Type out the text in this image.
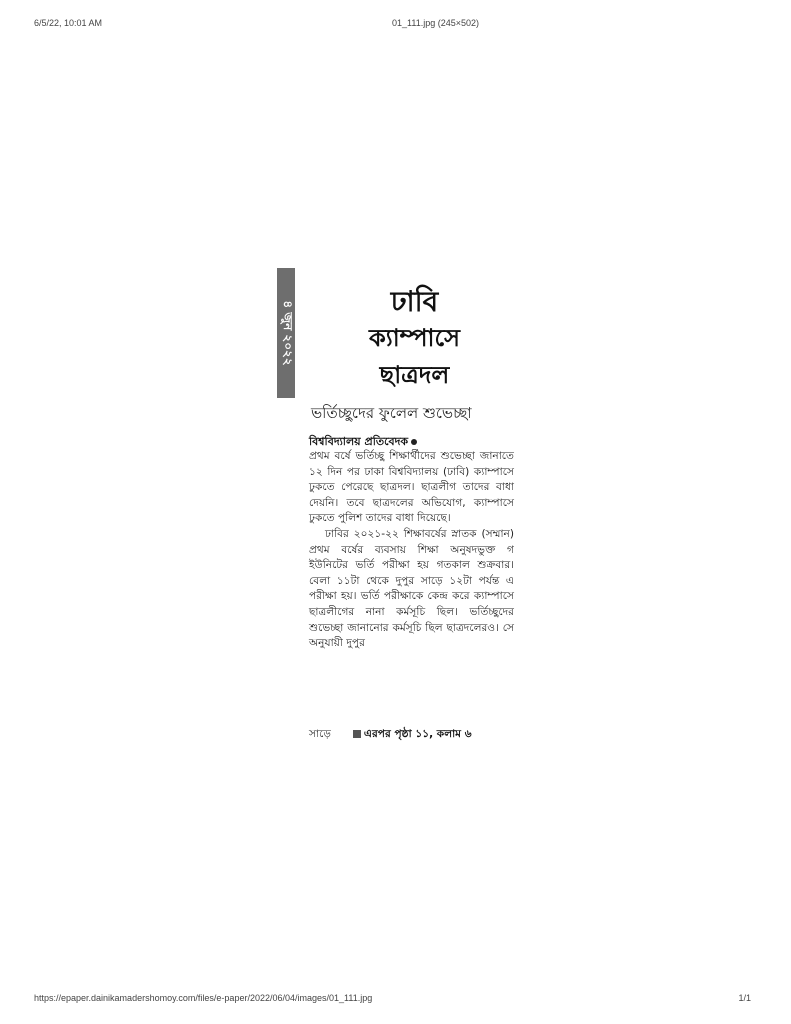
6/5/22, 10:01 AM	01_111.jpg (245×502)
৪ জুন ২০২২	ঢাবি
ক্যাম্পাসে
ছাত্রদল
ভর্তিচ্ছুদের ফুলেল শুভেচ্ছা
বিশ্ববিদ্যালয় প্রতিবেদক

প্রথম বর্ষে ভর্তিচ্ছু শিক্ষার্থীদের শুভেচ্ছা জানাতে ১২ দিন পর ঢাকা বিশ্ববিদ্যালয় (ঢাবি) ক্যাম্পাসে ঢুকতে পেরেছে ছাত্রদল। ছাত্রলীগ তাদের বাধা দেয়নি। তবে ছাত্রদলের অভিযোগ, ক্যাম্পাসে ঢুকতে পুলিশ তাদের বাধা দিয়েছে।

ঢাবির ২০২১-২২ শিক্ষাবর্ষের স্নাতক (সম্মান) প্রথম বর্ষের ব্যবসায় শিক্ষা অনুষদভুক্ত গ ইউনিটের ভর্তি পরীক্ষা হয় গতকাল শুক্রবার। বেলা ১১টা থেকে দুপুর সাড়ে ১২টা পর্যন্ত এ পরীক্ষা হয়। ভর্তি পরীক্ষাকে কেন্দ্র করে ক্যাম্পাসে ছাত্রলীগের নানা কর্মসূচি ছিল। ভর্তিচ্ছুদের শুভেচ্ছা জানানোর কর্মসূচি ছিল ছাত্রদলেরও। সে অনুযায়ী দুপুর

সাড়ে	এরপর পৃষ্ঠা ১১, কলাম ৬
https://epaper.dainikamadershomoy.com/files/e-paper/2022/06/04/images/01_111.jpg	1/1
